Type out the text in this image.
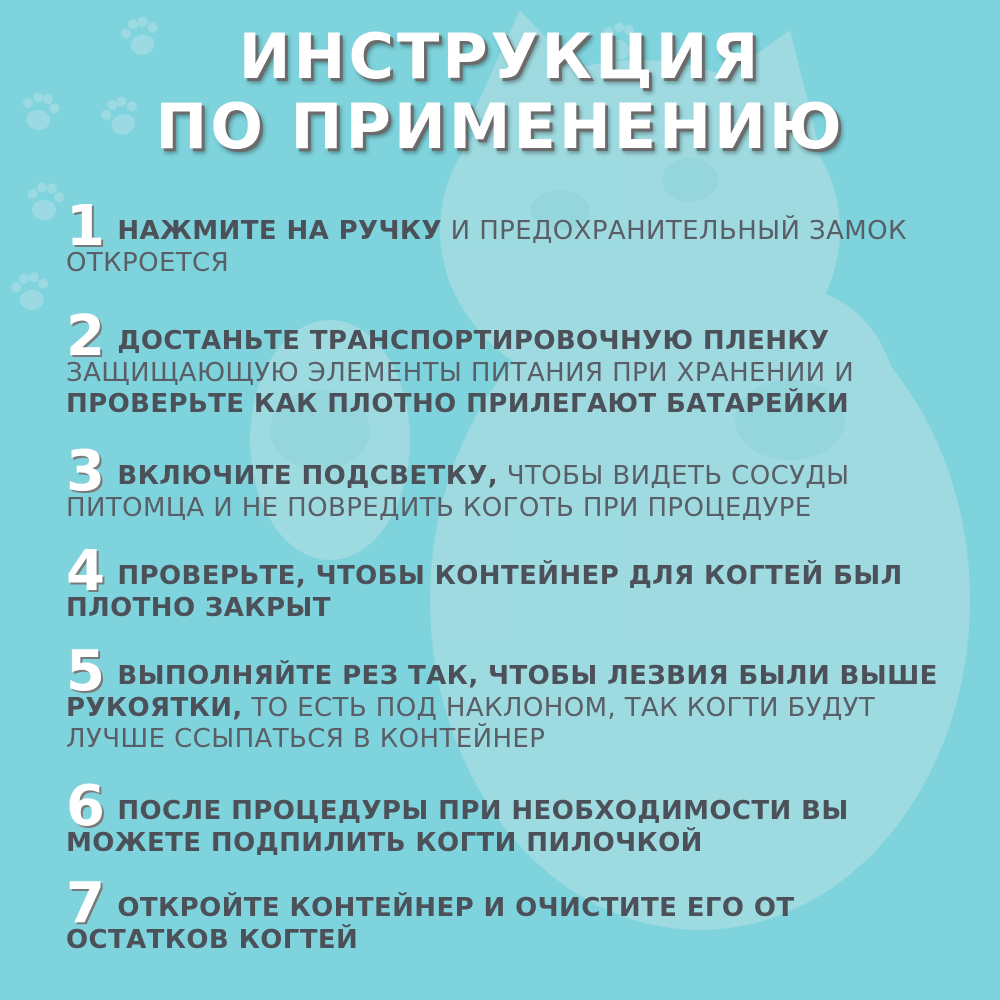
ИНСТРУКЦИЯ
ПО ПРИМЕНЕНИЮ
1 НАЖМИТЕ НА РУЧКУ И ПРЕДОХРАНИТЕЛЬНЫЙ ЗАМОК ОТКРОЕТСЯ
2 ДОСТАНЬТЕ ТРАНСПОРТИРОВОЧНУЮ ПЛЕНКУ ЗАЩИЩАЮЩУЮ ЭЛЕМЕНТЫ ПИТАНИЯ ПРИ ХРАНЕНИИ И ПРОВЕРЬТЕ КАК ПЛОТНО ПРИЛЕГАЮТ БАТАРЕЙКИ
3 ВКЛЮЧИТЕ ПОДСВЕТКУ, ЧТОБЫ ВИДЕТЬ СОСУДЫ ПИТОМЦА И НЕ ПОВРЕДИТЬ КОГОТЬ ПРИ ПРОЦЕДУРЕ
4 ПРОВЕРЬТЕ, ЧТОБЫ КОНТЕЙНЕР ДЛЯ КОГТЕЙ БЫЛ ПЛОТНО ЗАКРЫТ
5 ВЫПОЛНЯЙТЕ РЕЗ ТАК, ЧТОБЫ ЛЕЗВИЯ БЫЛИ ВЫШЕ РУКОЯТКИ, ТО ЕСТЬ ПОД НАКЛОНОМ, ТАК КОГТИ БУДУТ ЛУЧШЕ ССЫПАТЬСЯ В КОНТЕЙНЕР
6 ПОСЛЕ ПРОЦЕДУРЫ ПРИ НЕОБХОДИМОСТИ ВЫ МОЖЕТЕ ПОДПИЛИТЬ КОГТИ ПИЛОЧКОЙ
7 ОТКРОЙТЕ КОНТЕЙНЕР И ОЧИСТИТЕ ЕГО ОТ ОСТАТКОВ КОГТЕЙ
